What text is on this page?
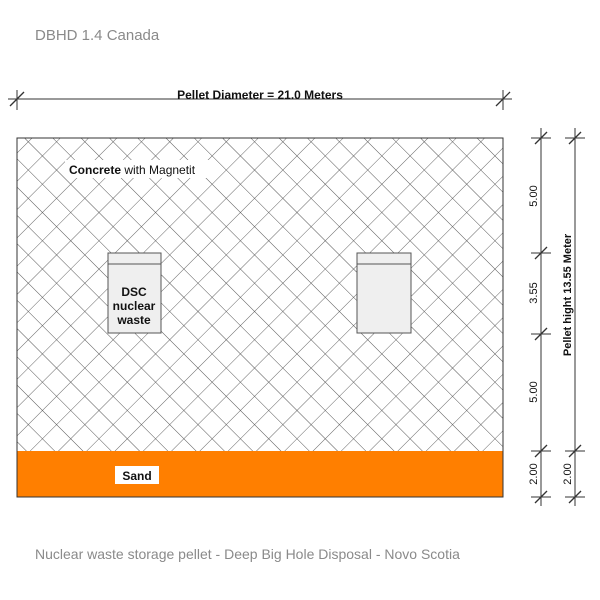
DBHD 1.4 Canada
Pellet Diameter = 21.0 Meters
Concrete with Magnetit
DSC
nuclear
waste
Sand
5.00
3.55
5.00
2.00
Pellet hight 13.55 Meter
2.00
Nuclear waste storage pellet - Deep Big Hole Disposal - Novo Scotia
